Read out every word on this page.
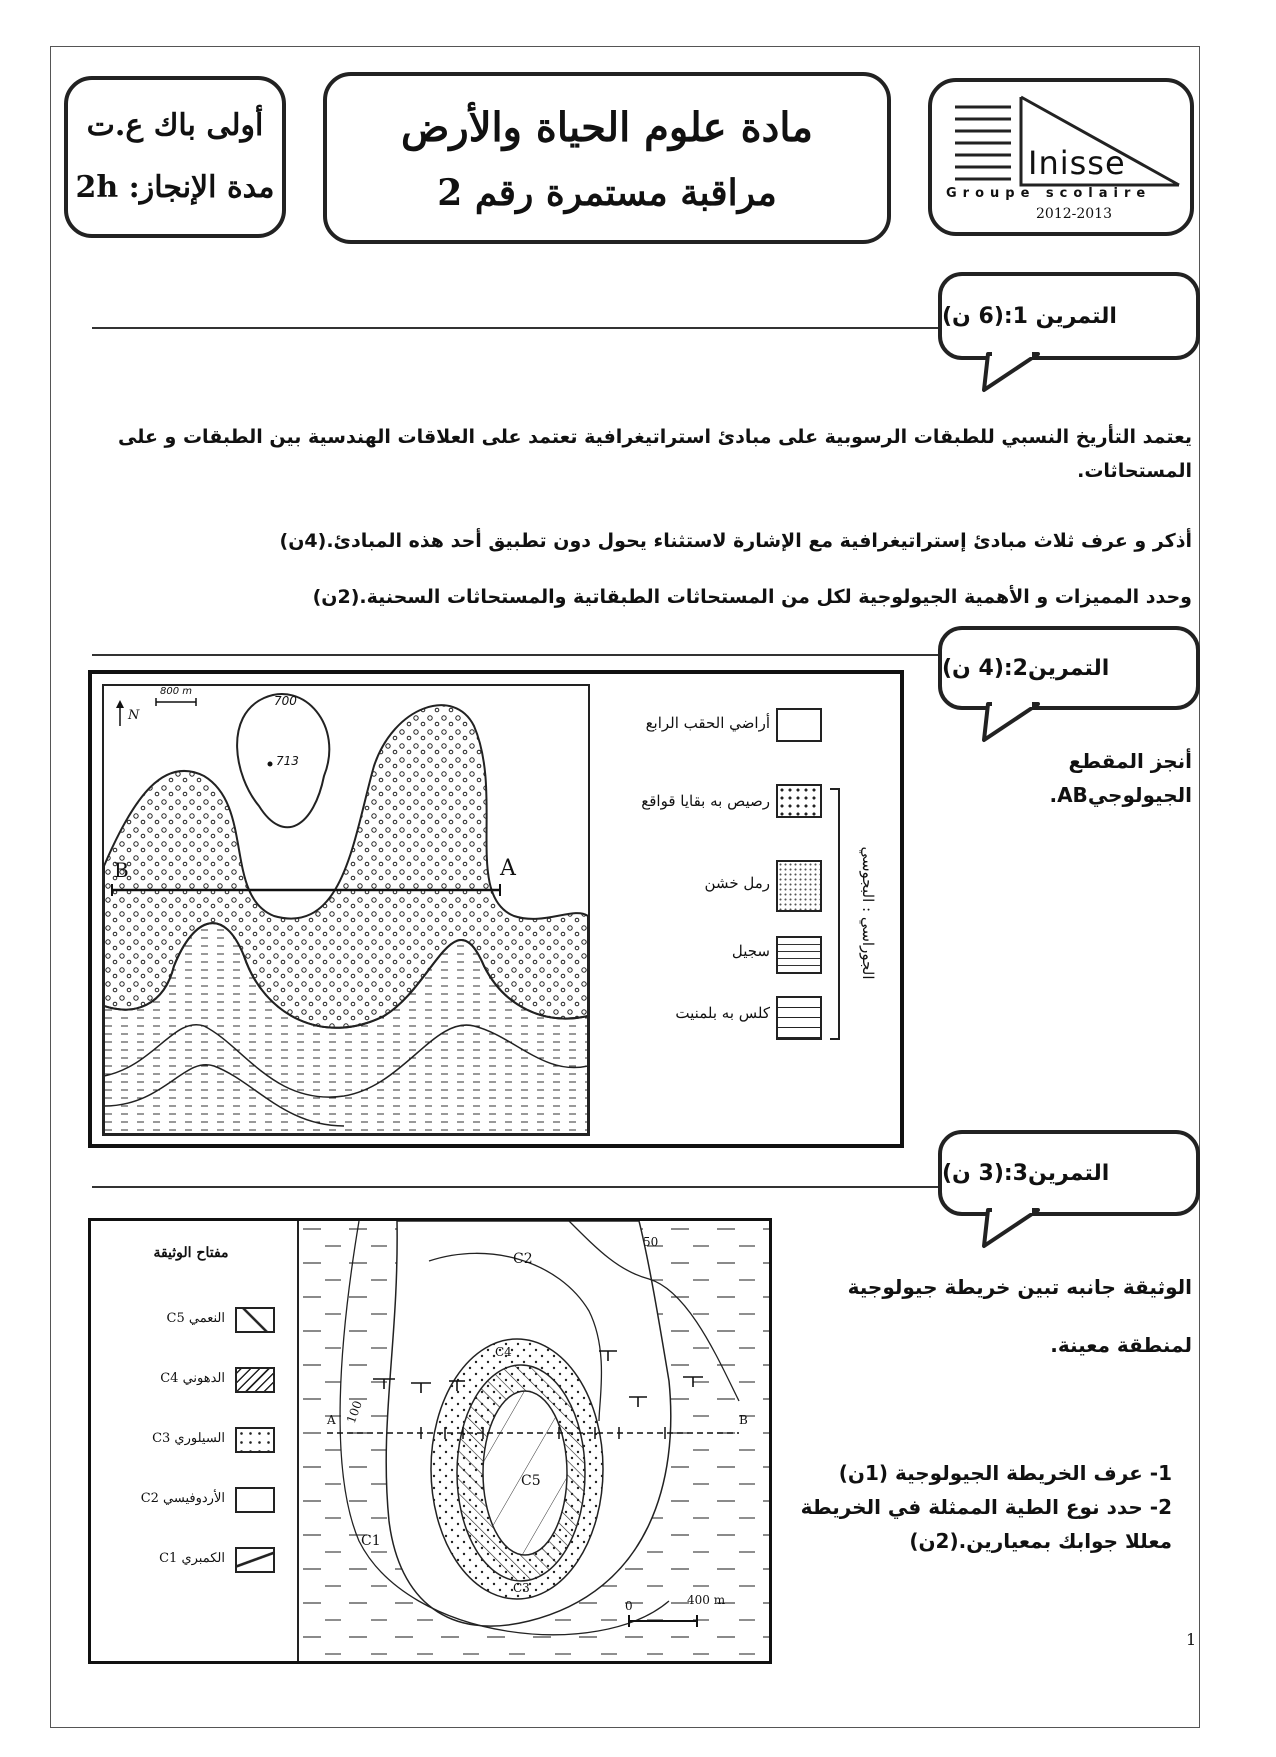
أولى باك ع.ت
مدة الإنجاز: 2h
مادة علوم الحياة والأرض
مراقبة مستمرة رقم 2
Inisse
Groupe scolaire
2012-2013
التمرين 1:(6 ن)
يعتمد التأريخ النسبي للطبقات الرسوبية على مبادئ استراتيغرافية تعتمد على العلاقات الهندسية بين الطبقات و على المستحاثات.
أذكر و عرف ثلاث مبادئ إستراتيغرافية مع الإشارة لاستثناء يحول دون تطبيق أحد هذه المبادئ.(4ن)
وحدد المميزات و الأهمية الجيولوجية لكل من المستحاثات الطبقاتية والمستحاثات السحنية.(2ن)
التمرين2:(4 ن)
أنجز المقطع الجيولوجيAB.
N
800 m
700
713
A
B
أراضي الحقب الرابع
رصيص به بقايا قواقع
رمل خشن
سجيل
كلس به بلمنيت
الجوراسي : البجوسي
التمرين3:(3 ن)
الوثيقة جانبه تبين خريطة جيولوجية لمنطقة معينة.
1- عرف الخريطة الجيولوجية (1ن)
2- حدد نوع الطية الممثلة في الخريطة معللا جوابك بمعيارين.(2ن)
مفتاح الوثيقة
النعمي C5
الدهوني C4
السيلوري C3
الأردوفيسي C2
الكمبري C1
50
100
A	B
C1
C2
C3
C4
C5
0	400 m
1
